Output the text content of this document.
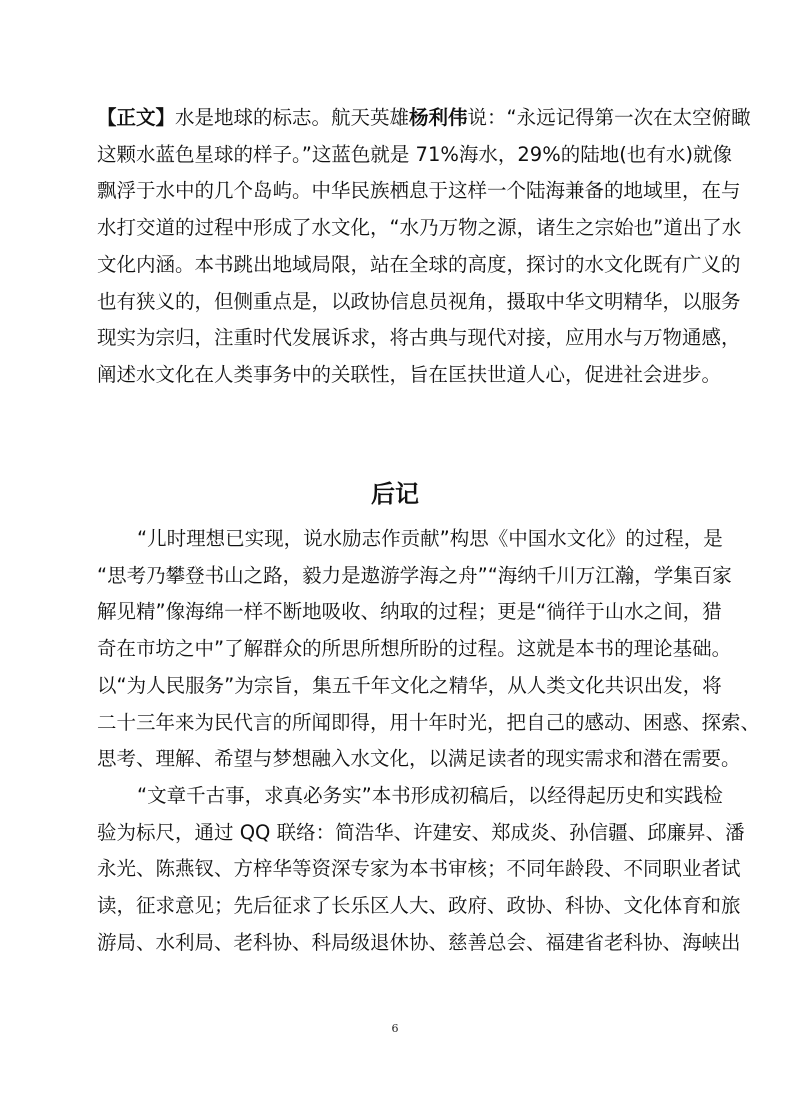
【正文】水是地球的标志。航天英雄杨利伟说：“永远记得第一次在太空俯瞰
这颗水蓝色星球的样子。”这蓝色就是 71%海水，29%的陆地(也有水)就像
飘浮于水中的几个岛屿。中华民族栖息于这样一个陆海兼备的地域里，在与
水打交道的过程中形成了水文化，“水乃万物之源，诸生之宗始也”道出了水
文化内涵。本书跳出地域局限，站在全球的高度，探讨的水文化既有广义的
也有狭义的，但侧重点是，以政协信息员视角，摄取中华文明精华，以服务
现实为宗归，注重时代发展诉求，将古典与现代对接，应用水与万物通感，
阐述水文化在人类事务中的关联性，旨在匡扶世道人心，促进社会进步。

后记

“儿时理想已实现，说水励志作贡献”构思《中国水文化》的过程，是
“思考乃攀登书山之路，毅力是遨游学海之舟”“海纳千川万江瀚，学集百家
解见精”像海绵一样不断地吸收、纳取的过程；更是“徜徉于山水之间，猎
奇在市坊之中”了解群众的所思所想所盼的过程。这就是本书的理论基础。
以“为人民服务”为宗旨，集五千年文化之精华，从人类文化共识出发，将
二十三年来为民代言的所闻即得，用十年时光，把自己的感动、困惑、探索、
思考、理解、希望与梦想融入水文化，以满足读者的现实需求和潜在需要。

“文章千古事，求真必务实”本书形成初稿后，以经得起历史和实践检
验为标尺，通过 QQ 联络：简浩华、许建安、郑成炎、孙信疆、邱廉昇、潘
永光、陈燕钗、方梓华等资深专家为本书审核；不同年龄段、不同职业者试
读，征求意见；先后征求了长乐区人大、政府、政协、科协、文化体育和旅
游局、水利局、老科协、科局级退休协、慈善总会、福建省老科协、海峡出

6
